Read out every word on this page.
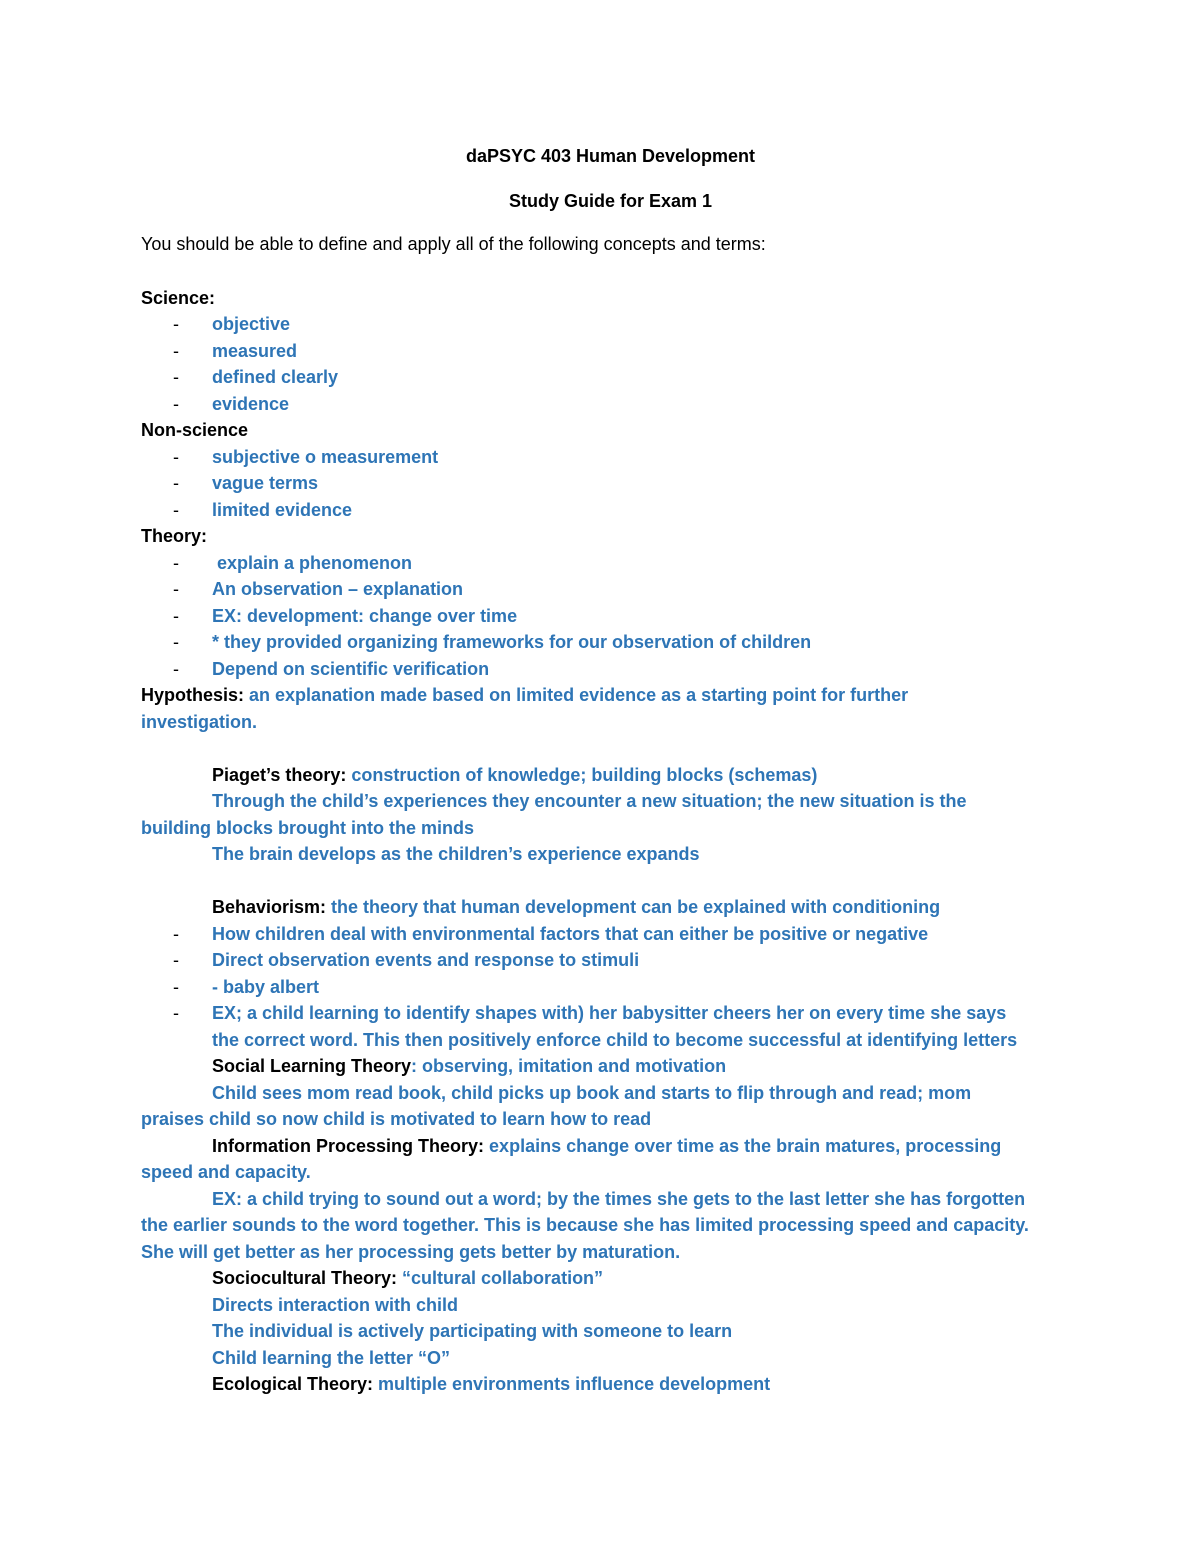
daPSYC 403 Human Development
Study Guide for Exam 1
You should be able to define and apply all of the following concepts and terms:
Science:
-	objective
-	measured
-	defined clearly
-	evidence
Non-science
-	subjective o measurement
-	vague terms
-	limited evidence
Theory:
-	explain a phenomenon
-	An observation – explanation
-	EX: development: change over time
-	* they provided organizing frameworks for our observation of children
-	Depend on scientific verification
Hypothesis: an explanation made based on limited evidence as a starting point for further
investigation.
Piaget’s theory: construction of knowledge; building blocks (schemas)
Through the child’s experiences they encounter a new situation; the new situation is the
building blocks brought into the minds
The brain develops as the children’s experience expands
Behaviorism: the theory that human development can be explained with conditioning
-	How children deal with environmental factors that can either be positive or negative
-	Direct observation events and response to stimuli
-	- baby albert
-	EX; a child learning to identify shapes with) her babysitter cheers her on every time she says
the correct word. This then positively enforce child to become successful at identifying letters
Social Learning Theory: observing, imitation and motivation
Child sees mom read book, child picks up book and starts to flip through and read; mom
praises child so now child is motivated to learn how to read
Information Processing Theory: explains change over time as the brain matures, processing
speed and capacity.
EX: a child trying to sound out a word; by the times she gets to the last letter she has forgotten
the earlier sounds to the word together. This is because she has limited processing speed and capacity.
She will get better as her processing gets better by maturation.
Sociocultural Theory: “cultural collaboration”
Directs interaction with child
The individual is actively participating with someone to learn
Child learning the letter “O”
Ecological Theory: multiple environments influence development
